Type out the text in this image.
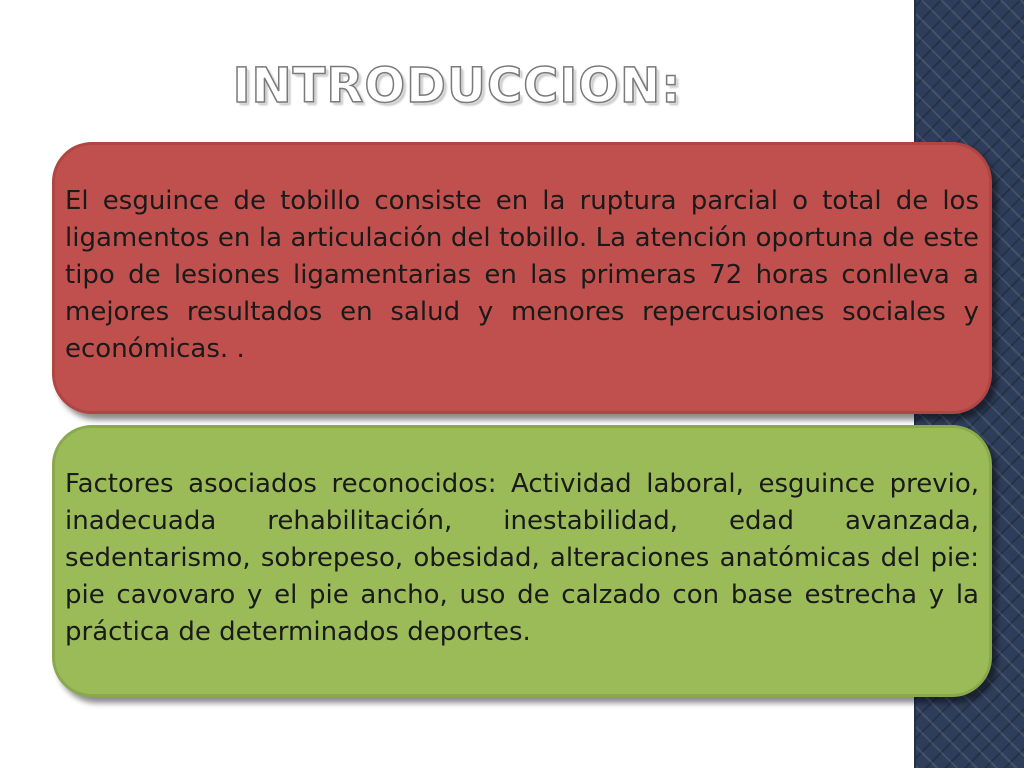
INTRODUCCION:

El esguince de tobillo consiste en la ruptura parcial o total de los ligamentos en la articulación del tobillo. La atención oportuna de este tipo de lesiones ligamentarias en las primeras 72 horas conlleva a mejores resultados en salud y menores repercusiones sociales y económicas. .

Factores asociados reconocidos: Actividad laboral, esguince previo, inadecuada rehabilitación, inestabilidad, edad avanzada, sedentarismo, sobrepeso, obesidad, alteraciones anatómicas del pie: pie cavovaro y el pie ancho, uso de calzado con base estrecha y la práctica de determinados deportes.
